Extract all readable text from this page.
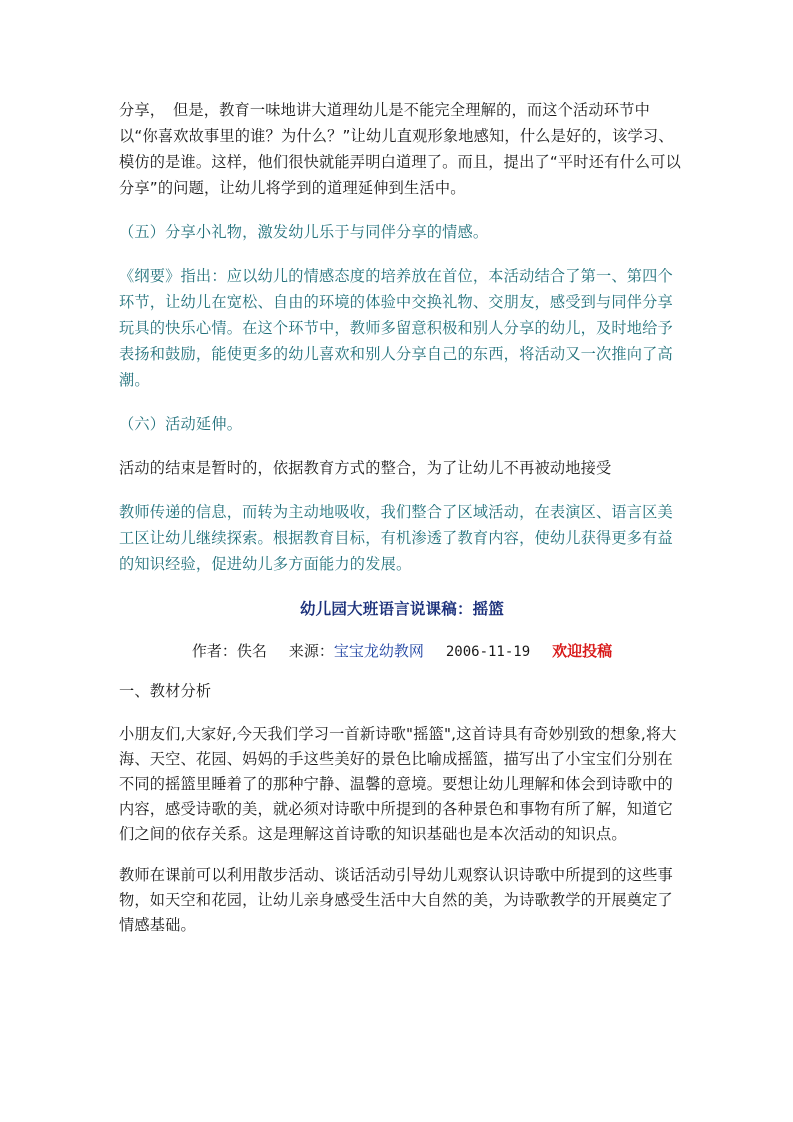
分享，　但是，教育一味地讲大道理幼儿是不能完全理解的，而这个活动环节中以“你喜欢故事里的谁？为什么？”让幼儿直观形象地感知，什么是好的，该学习、模仿的是谁。这样，他们很快就能弄明白道理了。而且，提出了“平时还有什么可以分享”的问题，让幼儿将学到的道理延伸到生活中。

（五）分享小礼物，激发幼儿乐于与同伴分享的情感。

《纲要》指出：应以幼儿的情感态度的培养放在首位，本活动结合了第一、第四个环节，让幼儿在宽松、自由的环境的体验中交换礼物、交朋友，感受到与同伴分享玩具的快乐心情。在这个环节中，教师多留意积极和别人分享的幼儿，及时地给予表扬和鼓励，能使更多的幼儿喜欢和别人分享自己的东西，将活动又一次推向了高潮。

（六）活动延伸。

活动的结束是暂时的，依据教育方式的整合，为了让幼儿不再被动地接受

教师传递的信息，而转为主动地吸收，我们整合了区域活动，在表演区、语言区美工区让幼儿继续探索。根据教育目标，有机渗透了教育内容，使幼儿获得更多有益的知识经验，促进幼儿多方面能力的发展。

幼儿园大班语言说课稿：摇篮

作者：佚名 来源：宝宝龙幼教网 2006-11-19 欢迎投稿

一、教材分析

小朋友们,大家好,今天我们学习一首新诗歌"摇篮",这首诗具有奇妙别致的想象,将大海、天空、花园、妈妈的手这些美好的景色比喻成摇篮，描写出了小宝宝们分别在不同的摇篮里睡着了的那种宁静、温馨的意境。要想让幼儿理解和体会到诗歌中的内容，感受诗歌的美，就必须对诗歌中所提到的各种景色和事物有所了解，知道它们之间的依存关系。这是理解这首诗歌的知识基础也是本次活动的知识点。

教师在课前可以利用散步活动、谈话活动引导幼儿观察认识诗歌中所提到的这些事物，如天空和花园，让幼儿亲身感受生活中大自然的美，为诗歌教学的开展奠定了情感基础。
